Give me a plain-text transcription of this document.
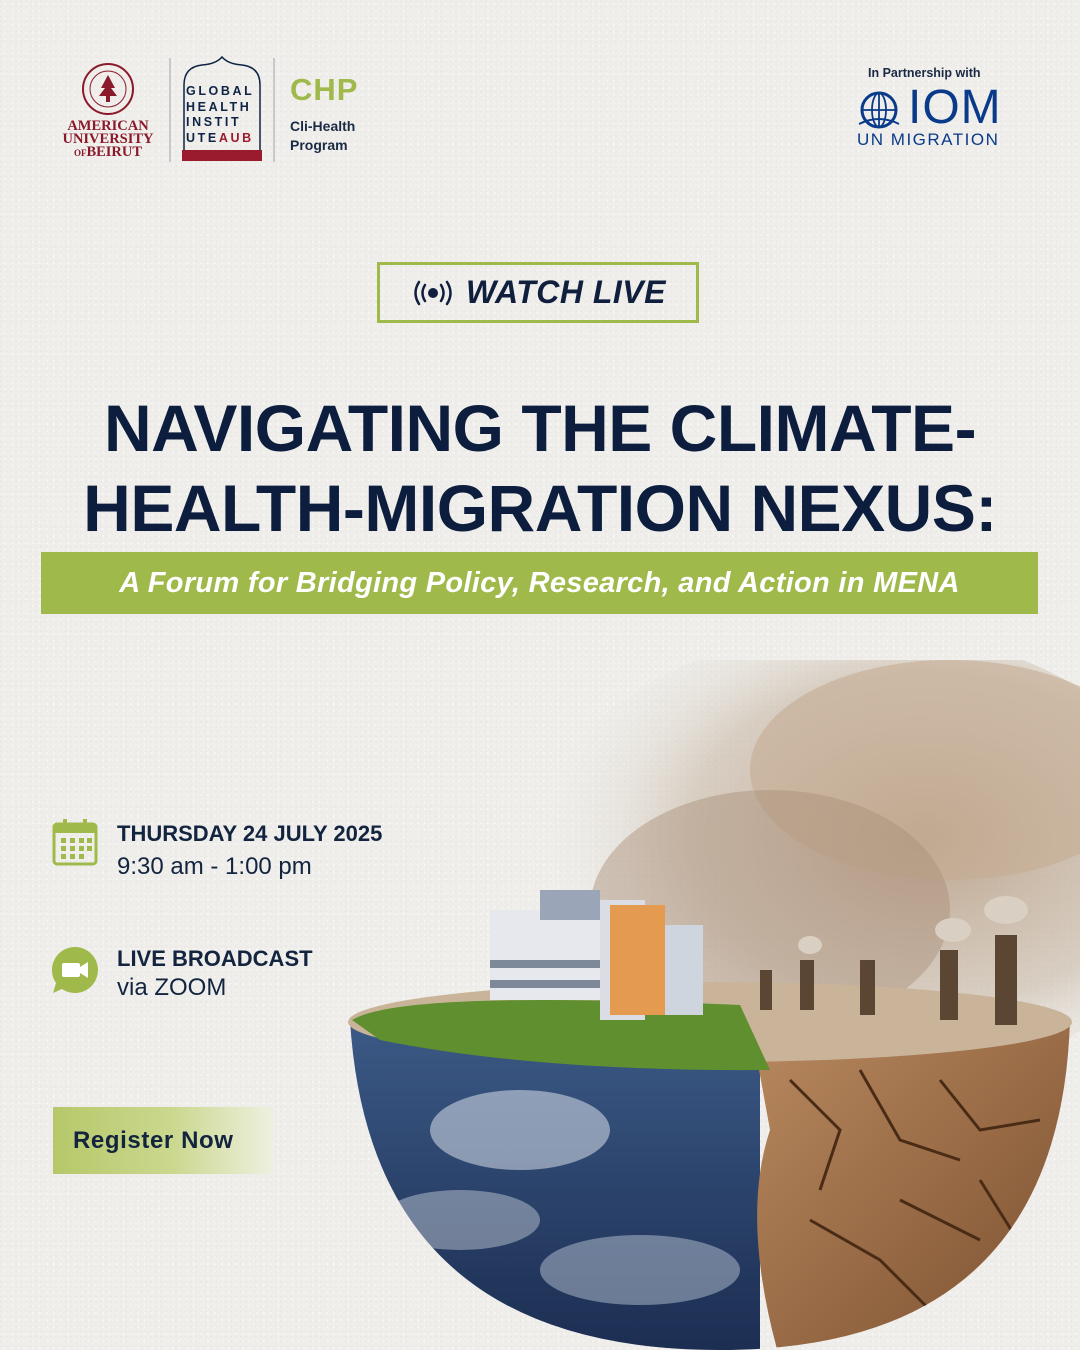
AMERICAN
UNIVERSITY
OFBEIRUT
GLOBAL
HEALTH
INSTIT
UTEAUB
CHP
Cli-Health
Program
In Partnership with
IOM
UN MIGRATION
WATCH LIVE
NAVIGATING THE CLIMATE-
HEALTH-MIGRATION NEXUS:
A Forum for Bridging Policy, Research, and Action in MENA
THURSDAY 24 JULY 2025
9:30 am - 1:00 pm
LIVE BROADCAST
via ZOOM
Register Now
